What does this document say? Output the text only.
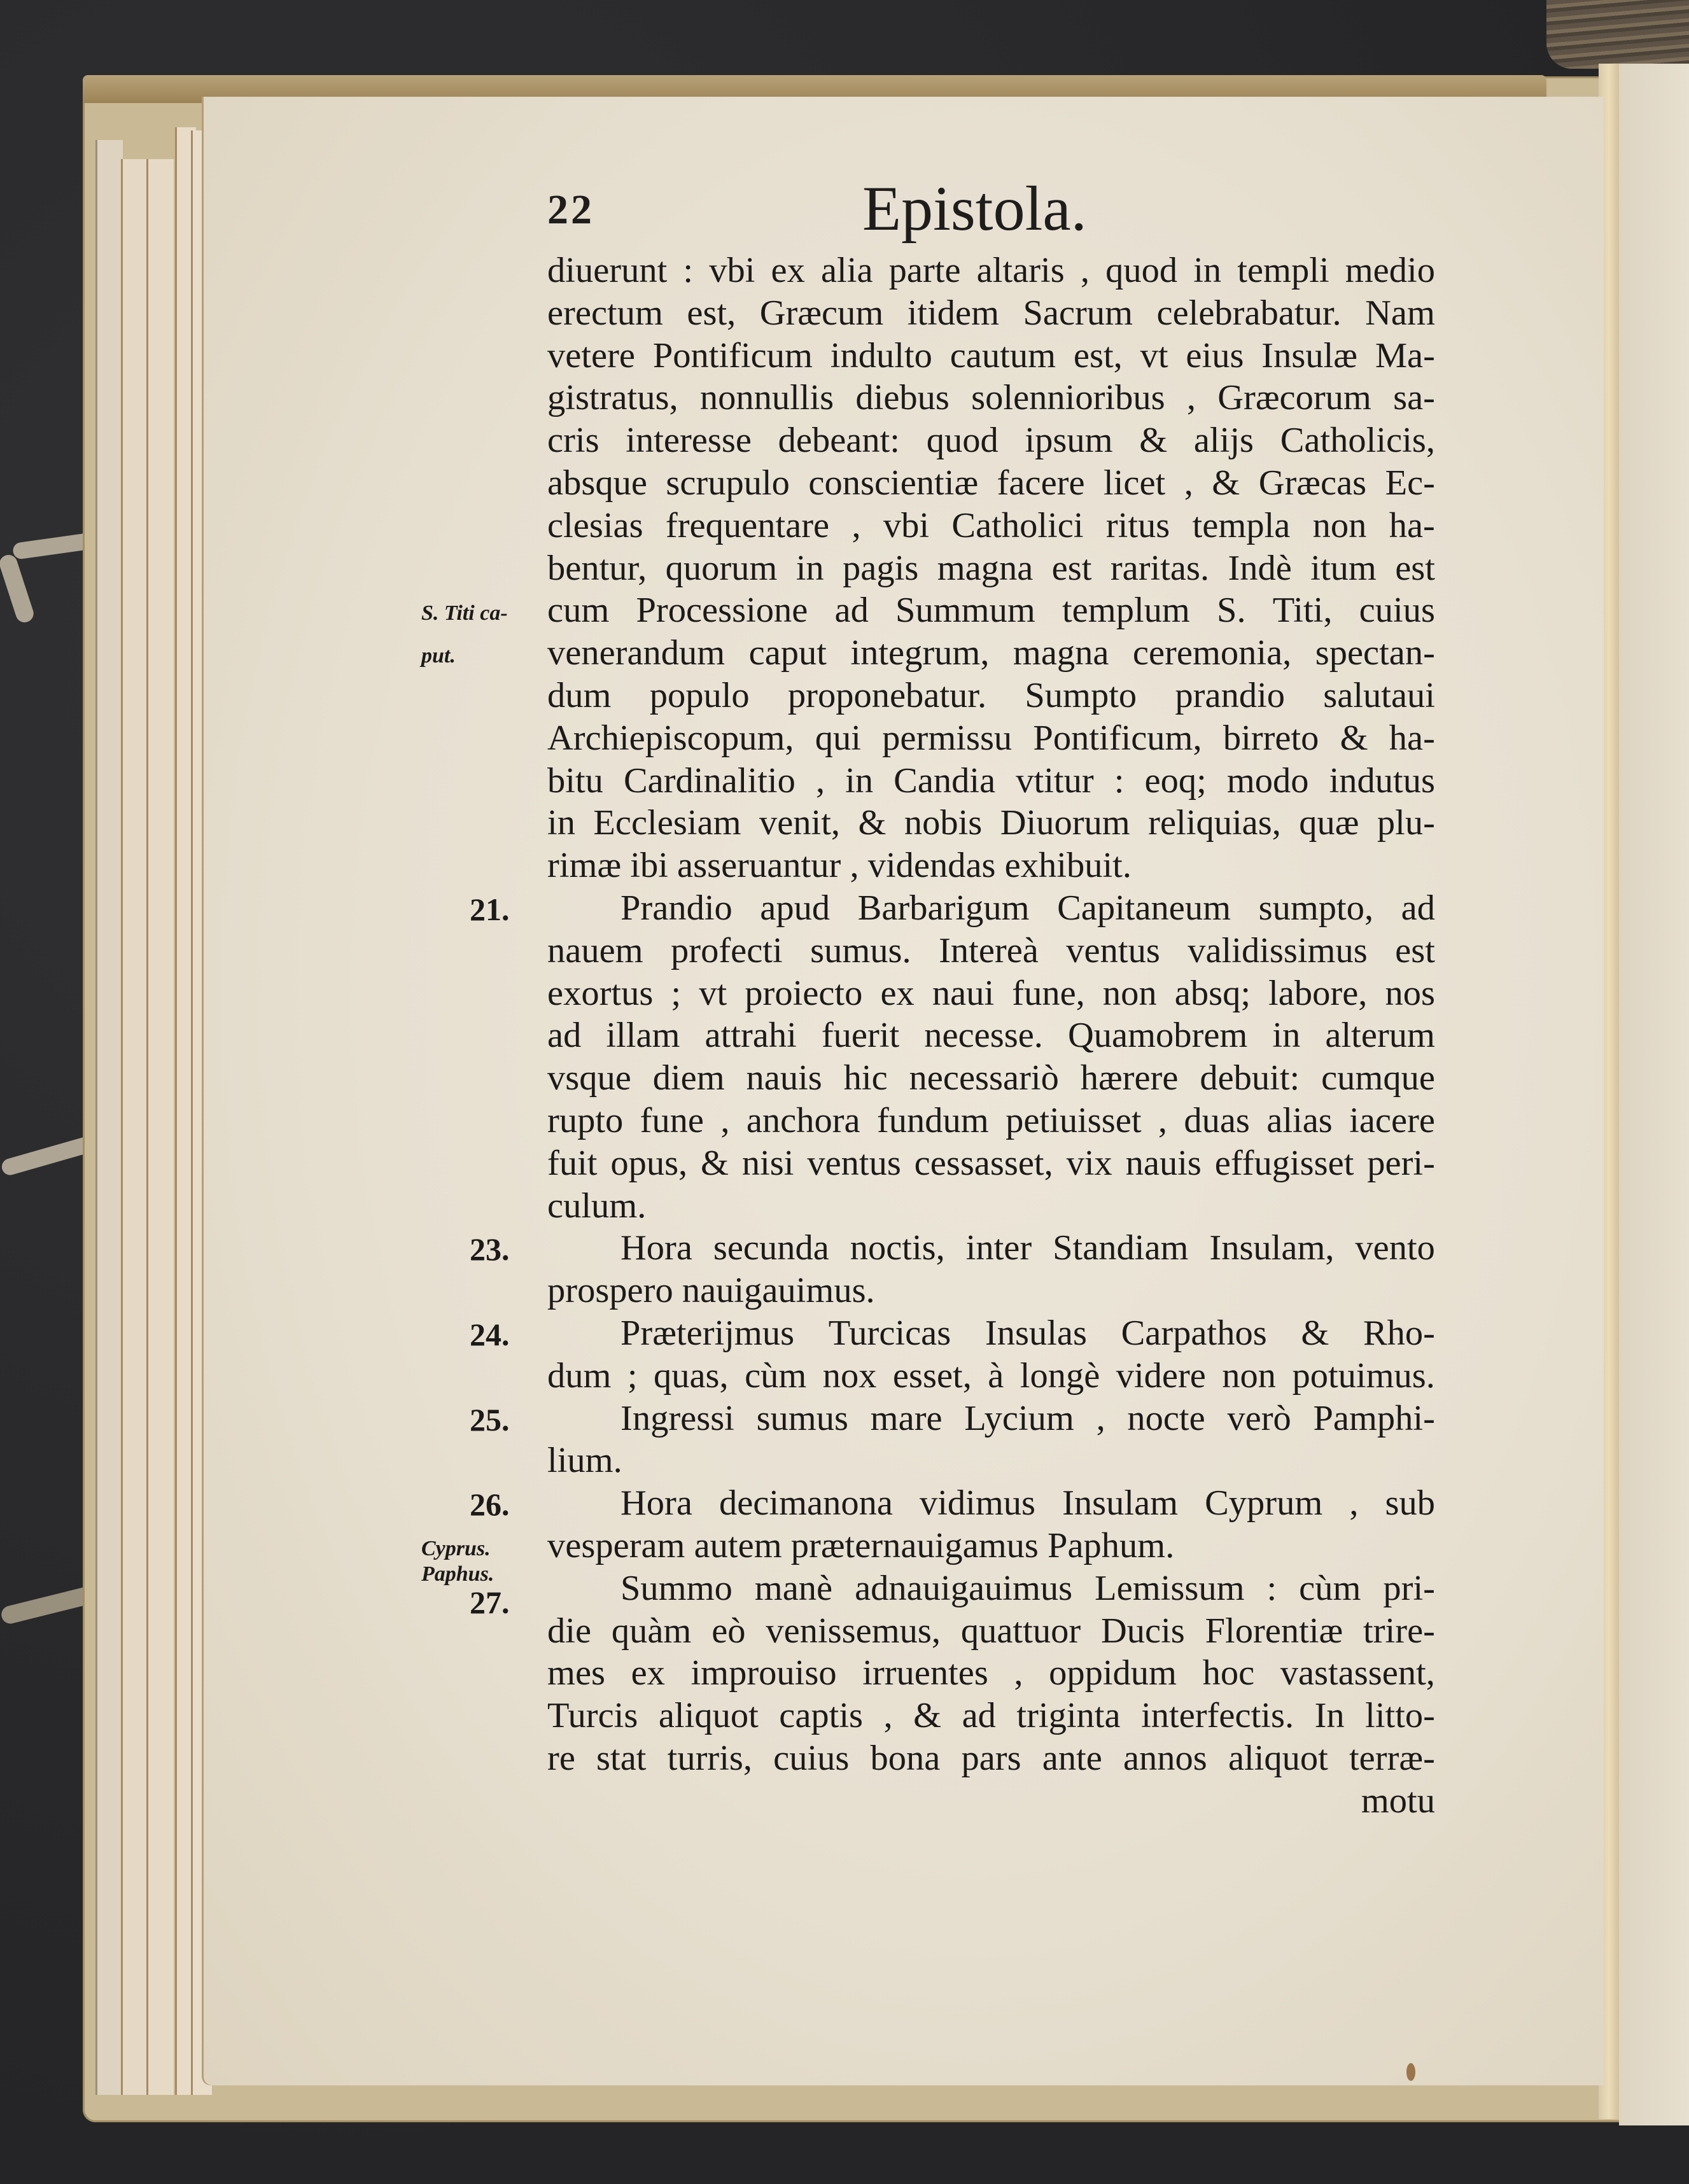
22	Epistola.
diuerunt : vbi ex alia parte altaris , quod in templi medio
erectum est, Græcum itidem Sacrum celebrabatur. Nam
vetere Pontificum indulto cautum est, vt eius Insulæ Ma-
gistratus, nonnullis diebus solennioribus , Græcorum sa-
cris interesse debeant: quod ipsum & alijs Catholicis,
absque scrupulo conscientiæ facere licet , & Græcas Ec-
clesias frequentare , vbi Catholici ritus templa non ha-
bentur, quorum in pagis magna est raritas. Indè itum est
cum Processione ad Summum templum S. Titi, cuius
venerandum caput integrum, magna ceremonia, spectan-
dum populo proponebatur. Sumpto prandio salutaui
Archiepiscopum, qui permissu Pontificum, birreto & ha-
bitu Cardinalitio , in Candia vtitur : eoq; modo indutus
in Ecclesiam venit, & nobis Diuorum reliquias, quæ plu-
rimæ ibi asseruantur , videndas exhibuit.
Prandio apud Barbarigum Capitaneum sumpto, ad
nauem profecti sumus. Intereà ventus validissimus est
exortus ; vt proiecto ex naui fune, non absq; labore, nos
ad illam attrahi fuerit necesse. Quamobrem in alterum
vsque diem nauis hic necessariò hærere debuit: cumque
rupto fune , anchora fundum petiuisset , duas alias iacere
fuit opus, & nisi ventus cessasset, vix nauis effugisset peri-
culum.
Hora secunda noctis, inter Standiam Insulam, vento
prospero nauigauimus.
Præterijmus Turcicas Insulas Carpathos & Rho-
dum ; quas, cùm nox esset, à longè videre non potuimus.
Ingressi sumus mare Lycium , nocte verò Pamphi-
lium.
Hora decimanona vidimus Insulam Cyprum , sub
vesperam autem præternauigamus Paphum.
Summo manè adnauigauimus Lemissum : cùm pri-
die quàm eò venissemus, quattuor Ducis Florentiæ trire-
mes ex improuiso irruentes , oppidum hoc vastassent,
Turcis aliquot captis , & ad triginta interfectis. In litto-
re stat turris, cuius bona pars ante annos aliquot terræ-
motu
S. Titi ca-
put.
Cyprus.
Paphus.
21.
23.
24.
25.
26.
27.
